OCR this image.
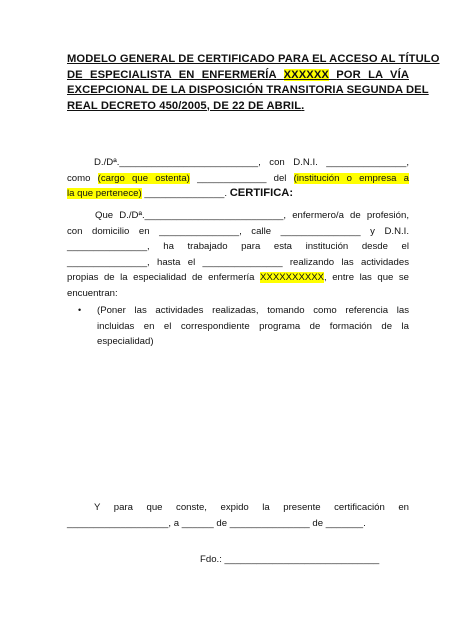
MODELO GENERAL DE CERTIFICADO PARA EL ACCESO AL TÍTULO
DE ESPECIALISTA EN ENFERMERÍA XXXXXX POR LA VÍA
EXCEPCIONAL DE LA DISPOSICIÓN TRANSITORIA SEGUNDA DEL
REAL DECRETO 450/2005, DE 22 DE ABRIL.
D./Dª.__________________________, con D.N.I. _______________,
como (cargo que ostenta) _____________ del (institución o empresa a
la que pertenece) _______________. CERTIFICA:
Que D./Dª.__________________________, enfermero/a de profesión,
con domicilio en _______________, calle _______________ y D.N.I.
_______________, ha trabajado para esta institución desde el
_______________, hasta el _______________ realizando las actividades
propias de la especialidad de enfermería XXXXXXXXXX, entre las que se
encuentran:
• (Poner las actividades realizadas, tomando como referencia las
incluidas en el correspondiente programa de formación de la
especialidad)
Y para que conste, expido la presente certificación en
___________________, a ______ de _______________ de _______.
Fdo.: _____________________________
